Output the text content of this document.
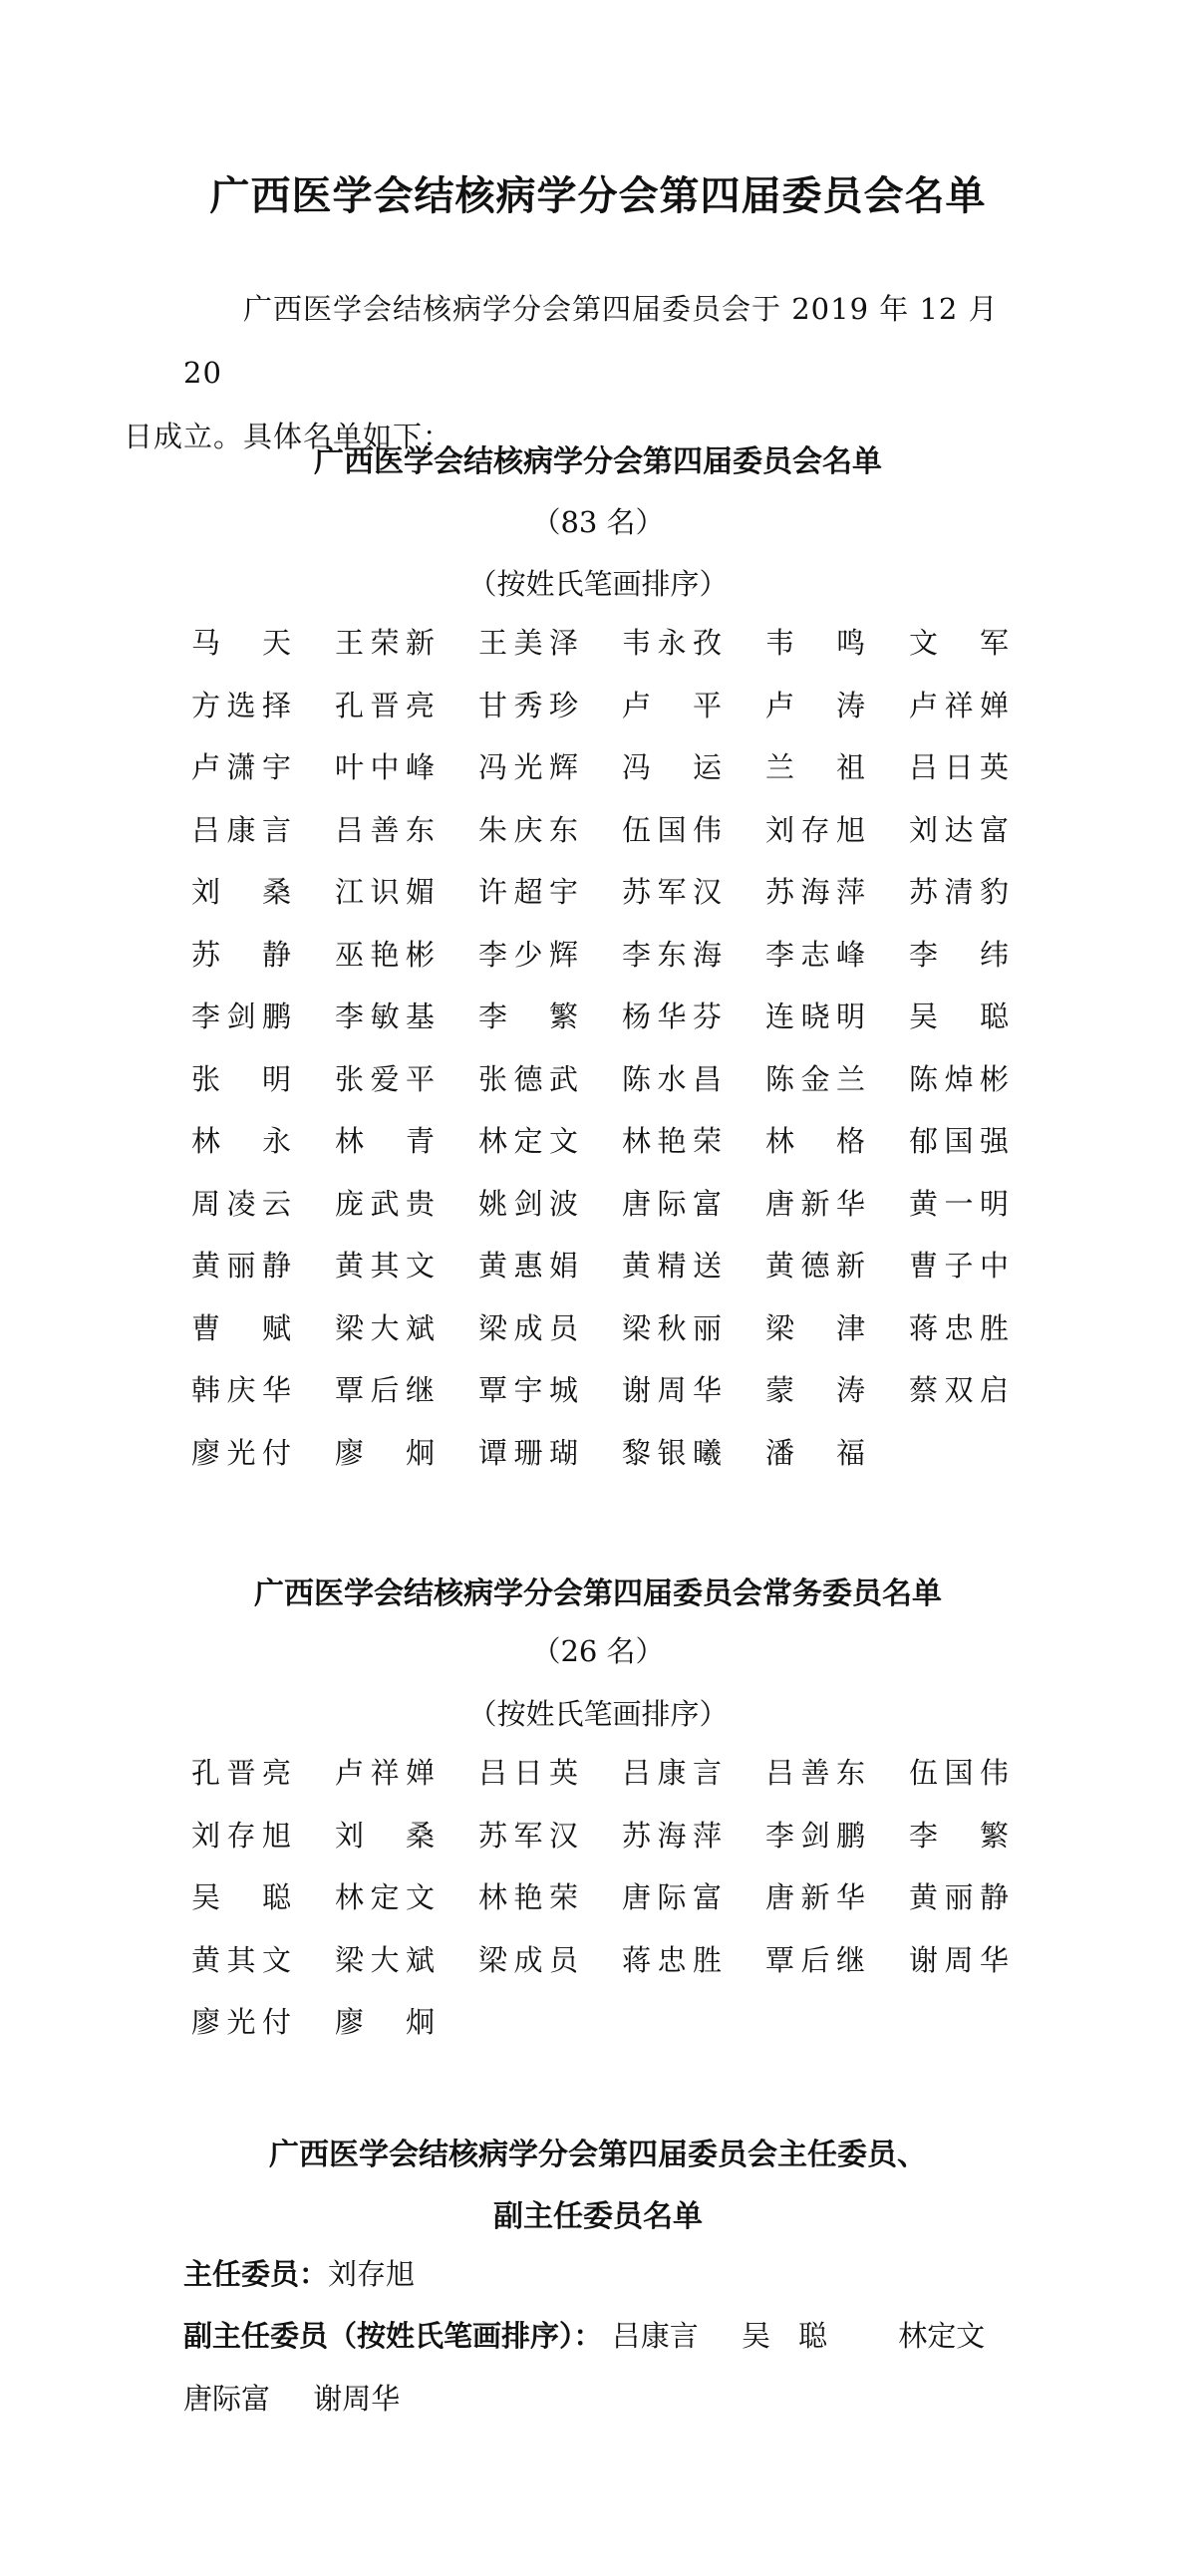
广西医学会结核病学分会第四届委员会名单

广西医学会结核病学分会第四届委员会于 2019 年 12 月 20
日成立。具体名单如下：

广西医学会结核病学分会第四届委员会名单

（83 名）

（按姓氏笔画排序）

马 天 王 荣 新 王 美 泽 韦 永 孜 韦 鸣 文 军
方 选 择 孔 晋 亮 甘 秀 珍 卢 平 卢 涛 卢 祥 婵
卢 潇 宇 叶 中 峰 冯 光 辉 冯 运 兰 祖 吕 日 英
吕 康 言 吕 善 东 朱 庆 东 伍 国 伟 刘 存 旭 刘 达 富
刘 桑 江 识 媚 许 超 宇 苏 军 汉 苏 海 萍 苏 清 豹
苏 静 巫 艳 彬 李 少 辉 李 东 海 李 志 峰 李 纬
李 剑 鹏 李 敏 基 李 繁 杨 华 芬 连 晓 明 吴 聪
张 明 张 爱 平 张 德 武 陈 水 昌 陈 金 兰 陈 焯 彬
林 永 林 青 林 定 文 林 艳 荣 林 格 郁 国 强
周 凌 云 庞 武 贵 姚 剑 波 唐 际 富 唐 新 华 黄 一 明
黄 丽 静 黄 其 文 黄 惠 娟 黄 精 送 黄 德 新 曹 子 中
曹 赋 梁 大 斌 梁 成 员 梁 秋 丽 梁 津 蒋 忠 胜
韩 庆 华 覃 后 继 覃 宇 城 谢 周 华 蒙 涛 蔡 双 启
廖 光 付 廖 炯 谭 珊 瑚 黎 银 曦 潘 福
广西医学会结核病学分会第四届委员会常务委员名单

（26 名）

（按姓氏笔画排序）

孔 晋 亮 卢 祥 婵 吕 日 英 吕 康 言 吕 善 东 伍 国 伟
刘 存 旭 刘 桑 苏 军 汉 苏 海 萍 李 剑 鹏 李 繁
吴 聪 林 定 文 林 艳 荣 唐 际 富 唐 新 华 黄 丽 静
黄 其 文 梁 大 斌 梁 成 员 蒋 忠 胜 覃 后 继 谢 周 华
廖 光 付 廖 炯
广西医学会结核病学分会第四届委员会主任委员、
副主任委员名单

主任委员：刘存旭

副主任委员（按姓氏笔画排序）： 吕康言 吴聪 林定文

唐际富 谢周华
